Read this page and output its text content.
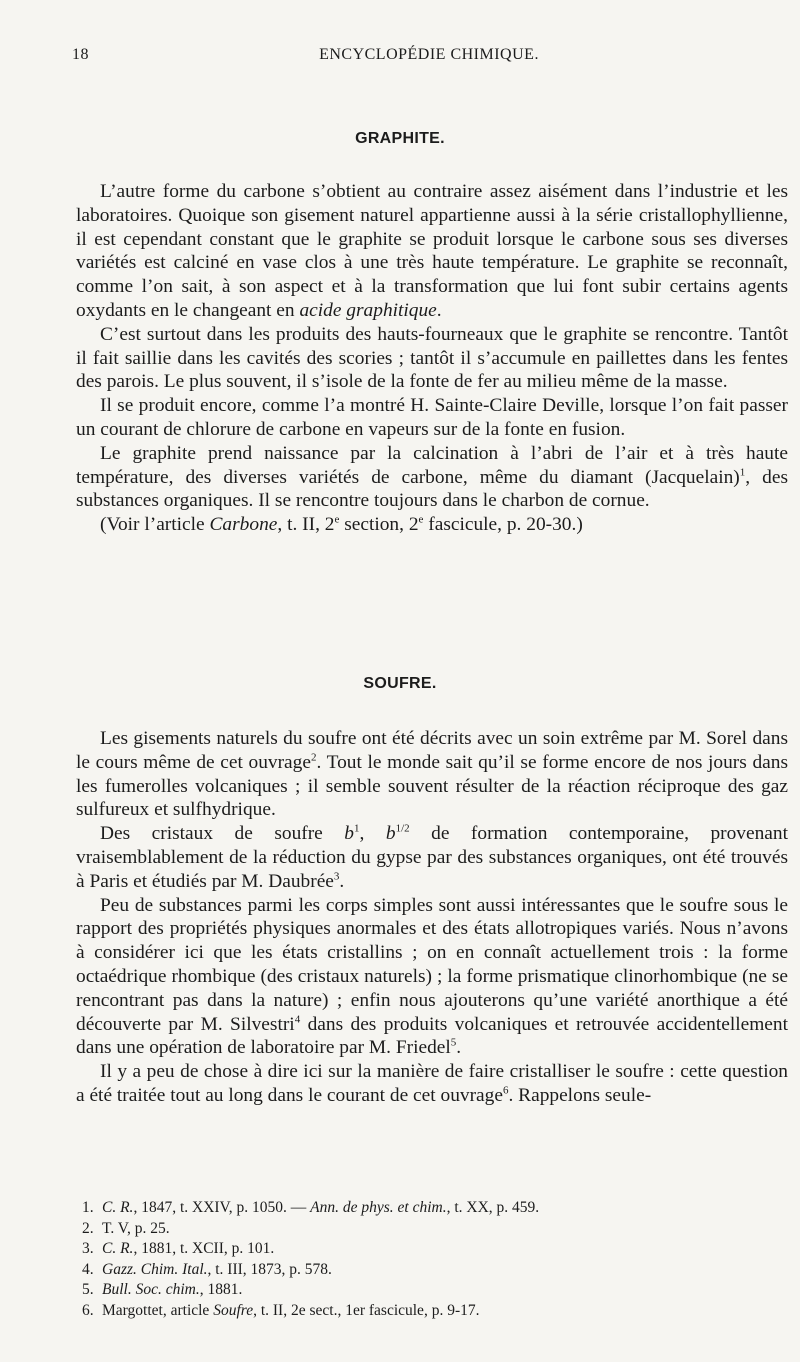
18	ENCYCLOPÉDIE CHIMIQUE.
GRAPHITE.

L’autre forme du carbone s’obtient au contraire assez aisément dans l’industrie et les laboratoires. Quoique son gisement naturel appartienne aussi à la série cristallophyllienne, il est cependant constant que le graphite se produit lorsque le carbone sous ses diverses variétés est calciné en vase clos à une très haute température. Le graphite se reconnaît, comme l’on sait, à son aspect et à la transformation que lui font subir certains agents oxydants en le changeant en acide graphitique.

C’est surtout dans les produits des hauts-fourneaux que le graphite se rencontre. Tantôt il fait saillie dans les cavités des scories ; tantôt il s’accumule en paillettes dans les fentes des parois. Le plus souvent, il s’isole de la fonte de fer au milieu même de la masse.

Il se produit encore, comme l’a montré H. Sainte-Claire Deville, lorsque l’on fait passer un courant de chlorure de carbone en vapeurs sur de la fonte en fusion.

Le graphite prend naissance par la calcination à l’abri de l’air et à très haute température, des diverses variétés de carbone, même du diamant (Jacquelain)$^1$, des substances organiques. Il se rencontre toujours dans le charbon de cornue.

(Voir l’article Carbone, t. II, 2e section, 2e fascicule, p. 20-30.)

SOUFRE.

Les gisements naturels du soufre ont été décrits avec un soin extrême par M. Sorel dans le cours même de cet ouvrage$^2$. Tout le monde sait qu’il se forme encore de nos jours dans les fumerolles volcaniques ; il semble souvent résulter de la réaction réciproque des gaz sulfureux et sulfhydrique.

Des cristaux de soufre $b^1$, $b^{1/2}$ de formation contemporaine, provenant vraisemblablement de la réduction du gypse par des substances organiques, ont été trouvés à Paris et étudiés par M. Daubrée$^3$.

Peu de substances parmi les corps simples sont aussi intéressantes que le soufre sous le rapport des propriétés physiques anormales et des états allotropiques variés. Nous n’avons à considérer ici que les états cristallins ; on en connaît actuellement trois : la forme octaédrique rhombique (des cristaux naturels) ; la forme prismatique clinorhombique (ne se rencontrant pas dans la nature) ; enfin nous ajouterons qu’une variété anorthique a été découverte par M. Silvestri$^4$ dans des produits volcaniques et retrouvée accidentellement dans une opération de laboratoire par M. Friedel$^5$.

Il y a peu de chose à dire ici sur la manière de faire cristalliser le soufre : cette question a été traitée tout au long dans le courant de cet ouvrage$^6$. Rappelons seule-

1. C. R., 1847, t. XXIV, p. 1050. — Ann. de phys. et chim., t. XX, p. 459.
2. T. V, p. 25.
3. C. R., 1881, t. XCII, p. 101.
4. Gazz. Chim. Ital., t. III, 1873, p. 578.
5. Bull. Soc. chim., 1881.
6. Margottet, article Soufre, t. II, 2e sect., 1er fascicule, p. 9-17.
